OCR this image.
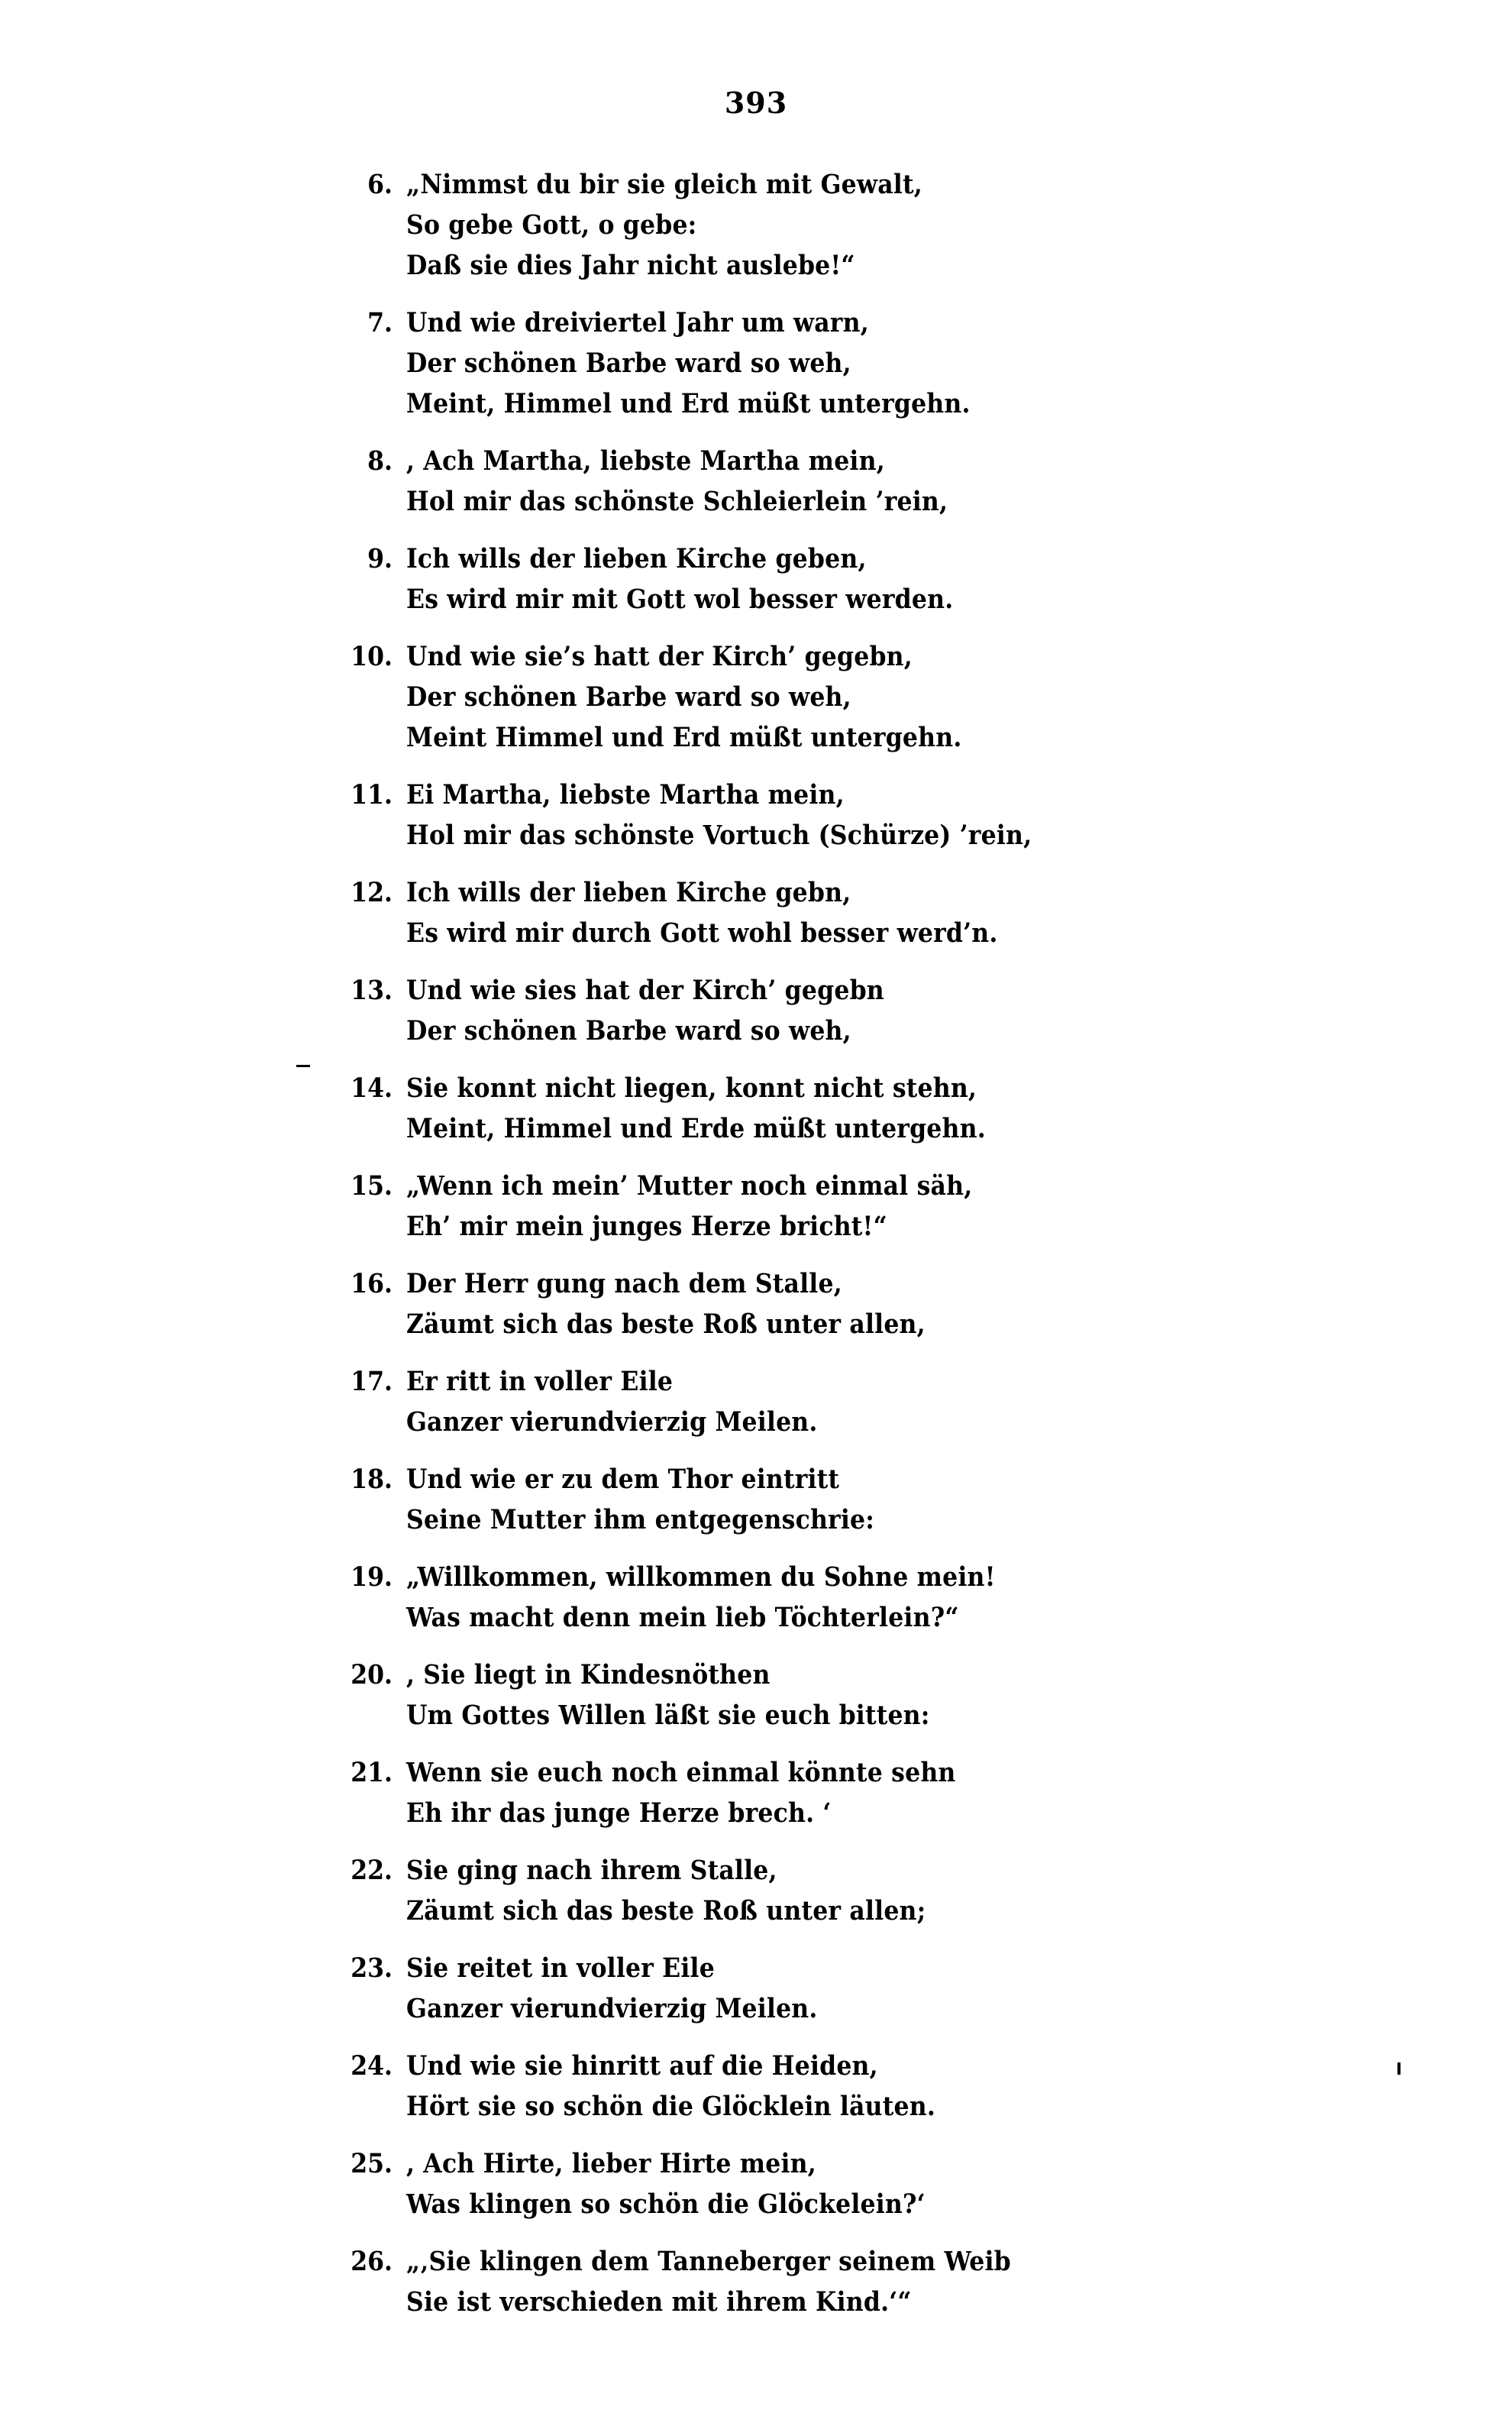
393
6. „Nimmst du bir sie gleich mit Gewalt,
So gebe Gott, o gebe:
Daß sie dies Jahr nicht auslebe!“
7. Und wie dreiviertel Jahr um warn,
Der schönen Barbe ward so weh,
Meint, Himmel und Erd müßt untergehn.
8. , Ach Martha, liebste Martha mein,
Hol mir das schönste Schleierlein ’rein,
9. Ich wills der lieben Kirche geben,
Es wird mir mit Gott wol besser werden.
10. Und wie sie’s hatt der Kirch’ gegebn,
Der schönen Barbe ward so weh,
Meint Himmel und Erd müßt untergehn.
11. Ei Martha, liebste Martha mein,
Hol mir das schönste Vortuch (Schürze) ’rein,
12. Ich wills der lieben Kirche gebn,
Es wird mir durch Gott wohl besser werd’n.
13. Und wie sies hat der Kirch’ gegebn
Der schönen Barbe ward so weh,
14. Sie konnt nicht liegen, konnt nicht stehn,
Meint, Himmel und Erde müßt untergehn.
15. „Wenn ich mein’ Mutter noch einmal säh,
Eh’ mir mein junges Herze bricht!“
16. Der Herr gung nach dem Stalle,
Zäumt sich das beste Roß unter allen,
17. Er ritt in voller Eile
Ganzer vierundvierzig Meilen.
18. Und wie er zu dem Thor eintritt
Seine Mutter ihm entgegenschrie:
19. „Willkommen, willkommen du Sohne mein!
Was macht denn mein lieb Töchterlein?“
20. , Sie liegt in Kindesnöthen
Um Gottes Willen läßt sie euch bitten:
21. Wenn sie euch noch einmal könnte sehn
Eh ihr das junge Herze brech. ‘
22. Sie ging nach ihrem Stalle,
Zäumt sich das beste Roß unter allen;
23. Sie reitet in voller Eile
Ganzer vierundvierzig Meilen.
24. Und wie sie hinritt auf die Heiden,
Hört sie so schön die Glöcklein läuten.
25. , Ach Hirte, lieber Hirte mein,
Was klingen so schön die Glöckelein?‘
26. „‚Sie klingen dem Tanneberger seinem Weib
Sie ist verschieden mit ihrem Kind.‘“
